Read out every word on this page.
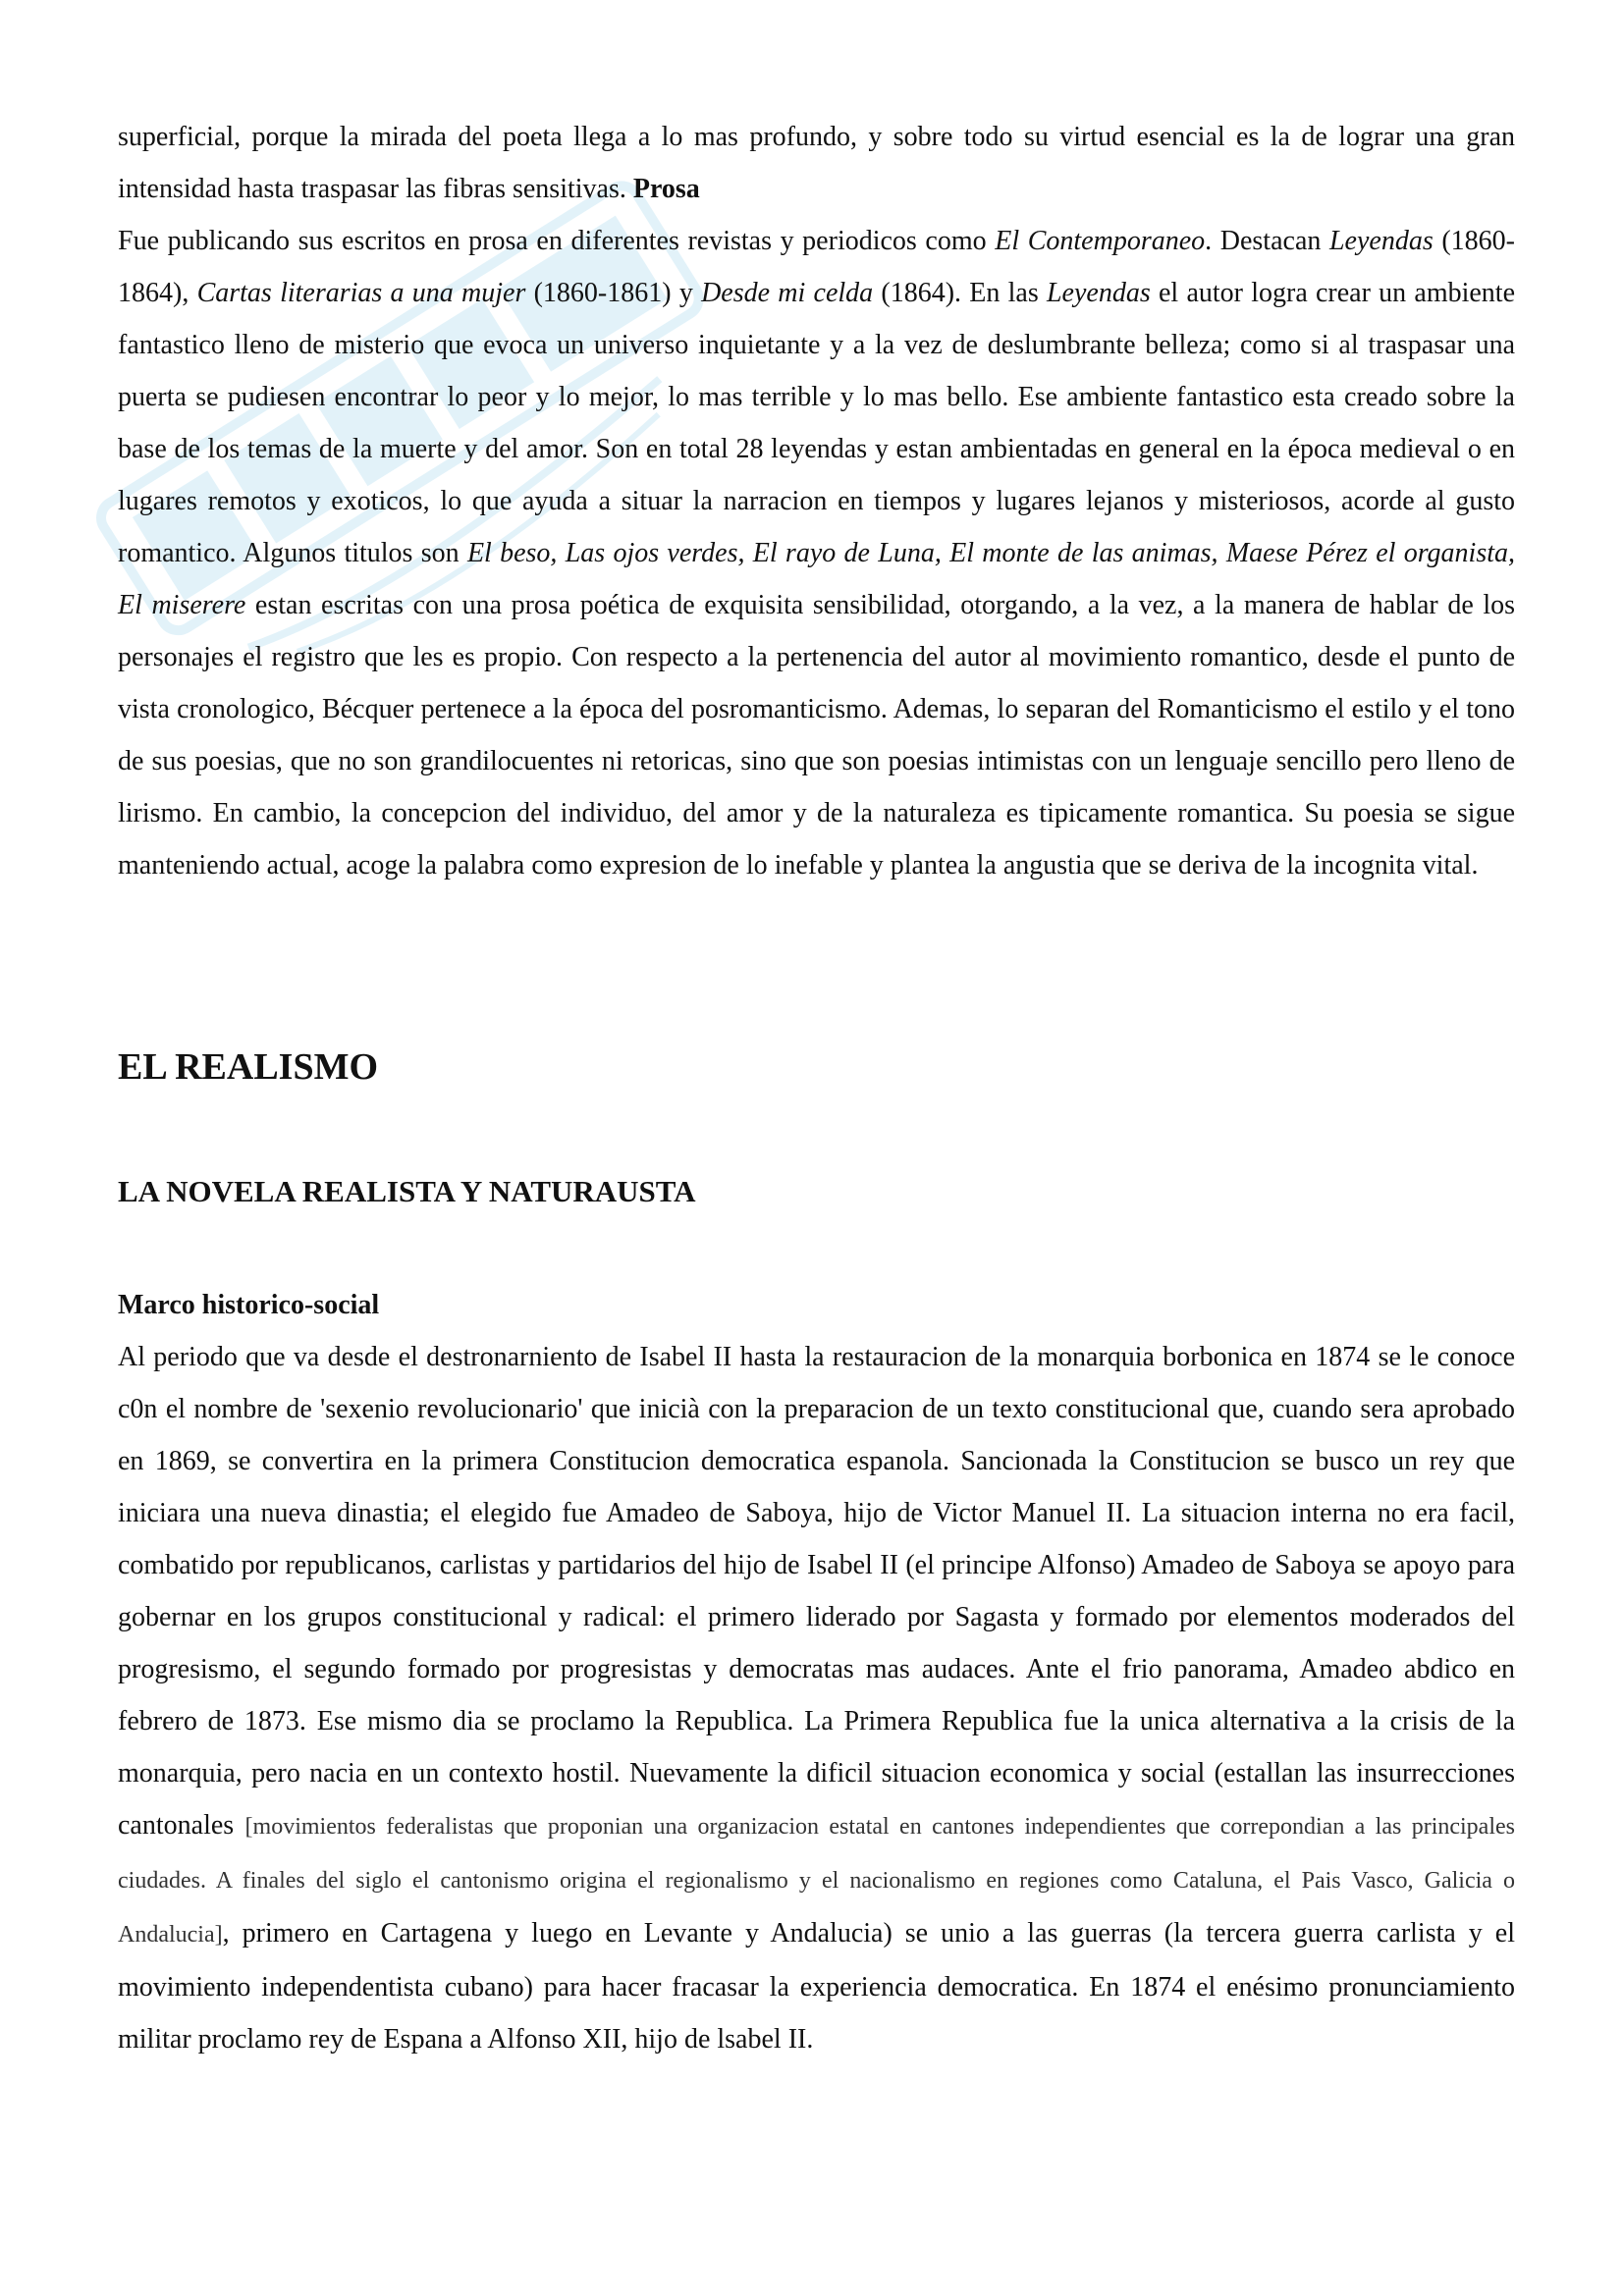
superficial, porque la mirada del poeta llega a lo mas profundo, y sobre todo su virtud esencial es la de lograr una gran intensidad hasta traspasar las fibras sensitivas. Prosa

Fue publicando sus escritos en prosa en diferentes revistas y periodicos como El Contemporaneo. Destacan Leyendas (1860-1864), Cartas literarias a una mujer (1860-1861) y Desde mi celda (1864). En las Leyendas el autor logra crear un ambiente fantastico lleno de misterio que evoca un universo inquietante y a la vez de deslumbrante belleza; como si al traspasar una puerta se pudiesen encontrar lo peor y lo mejor, lo mas terrible y lo mas bello. Ese ambiente fantastico esta creado sobre la base de los temas de la muerte y del amor. Son en total 28 leyendas y estan ambientadas en general en la época medieval o en lugares remotos y exoticos, lo que ayuda a situar la narracion en tiempos y lugares lejanos y misteriosos, acorde al gusto romantico. Algunos titulos son El beso, Las ojos verdes, El rayo de Luna, El monte de las animas, Maese Pérez el organista, El miserere estan escritas con una prosa poética de exquisita sensibilidad, otorgando, a la vez, a la manera de hablar de los personajes el registro que les es propio. Con respecto a la pertenencia del autor al movimiento romantico, desde el punto de vista cronologico, Bécquer pertenece a la época del posromanticismo. Ademas, lo separan del Romanticismo el estilo y el tono de sus poesias, que no son grandilocuentes ni retoricas, sino que son poesias intimistas con un lenguaje sencillo pero lleno de lirismo. En cambio, la concepcion del individuo, del amor y de la naturaleza es tipicamente romantica. Su poesia se sigue manteniendo actual, acoge la palabra como expresion de lo inefable y plantea la angustia que se deriva de la incognita vital.

EL REALISMO
LA NOVELA REALISTA Y NATURAUSTA
Marco historico-social

Al periodo que va desde el destronarniento de Isabel II hasta la restauracion de la monarquia borbonica en 1874 se le conoce c0n el nombre de 'sexenio revolucionario' que inicià con la preparacion de un texto constitucional que, cuando sera aprobado en 1869, se convertira en la primera Constitucion democratica espanola. Sancionada la Constitucion se busco un rey que iniciara una nueva dinastia; el elegido fue Amadeo de Saboya, hijo de Victor Manuel II. La situacion interna no era facil, combatido por republicanos, carlistas y partidarios del hijo de Isabel II (el principe Alfonso) Amadeo de Saboya se apoyo para gobernar en los grupos constitucional y radical: el primero liderado por Sagasta y formado por elementos moderados del progresismo, el segundo formado por progresistas y democratas mas audaces. Ante el frio panorama, Amadeo abdico en febrero de 1873. Ese mismo dia se proclamo la Republica. La Primera Republica fue la unica alternativa a la crisis de la monarquia, pero nacia en un contexto hostil. Nuevamente la dificil situacion economica y social (estallan las insurrecciones cantonales [movimientos federalistas que proponian una organizacion estatal en cantones independientes que correpondian a las principales ciudades. A finales del siglo el cantonismo origina el regionalismo y el nacionalismo en regiones como Cataluna, el Pais Vasco, Galicia o Andalucia], primero en Cartagena y luego en Levante y Andalucia) se unio a las guerras (la tercera guerra carlista y el movimiento independentista cubano) para hacer fracasar la experiencia democratica. En 1874 el enésimo pronunciamiento militar proclamo rey de Espana a Alfonso XII, hijo de lsabel II.
